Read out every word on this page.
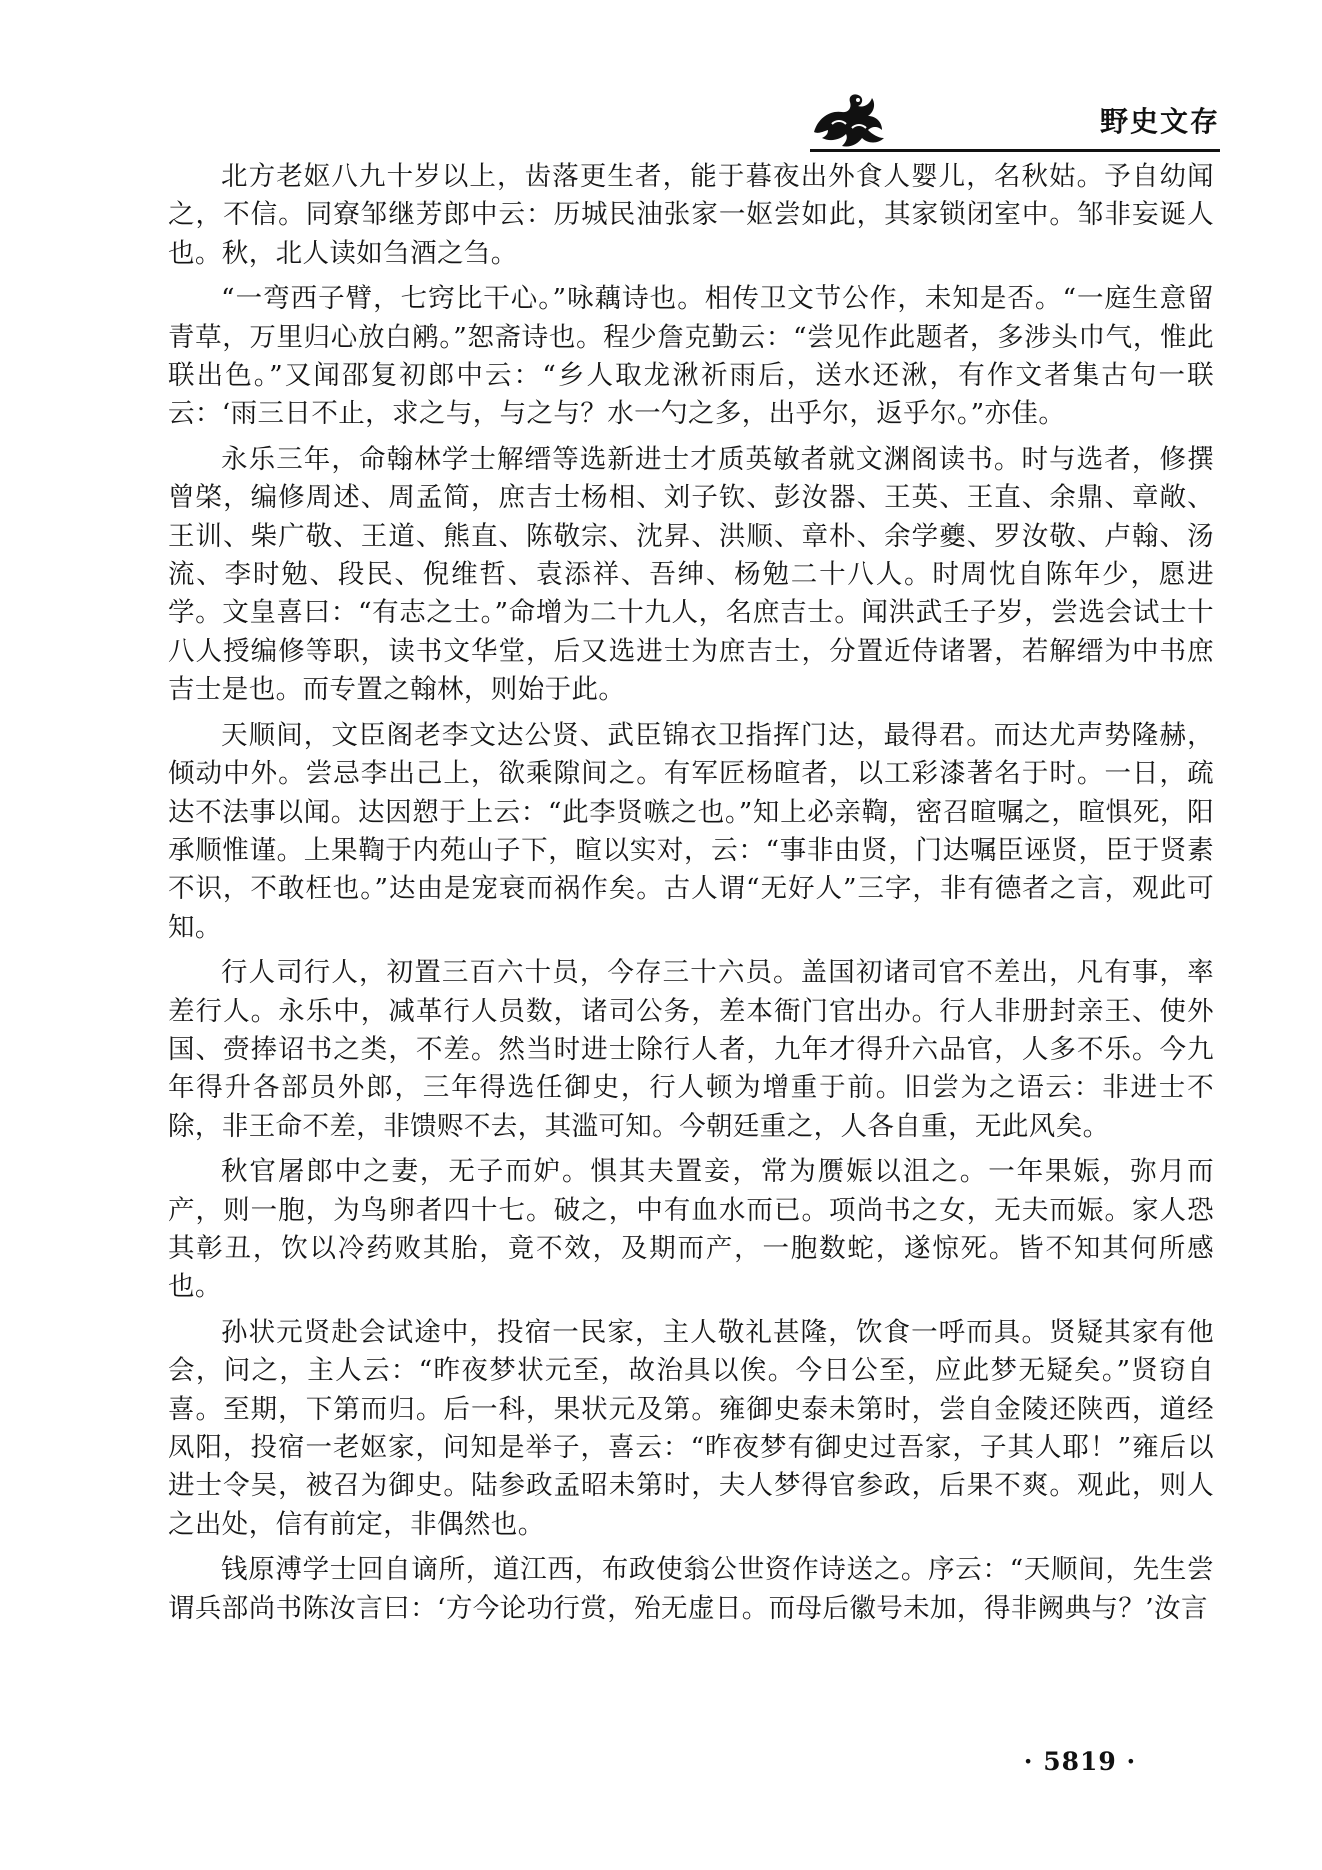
野史文存

北方老妪八九十岁以上，齿落更生者，能于暮夜出外食人婴儿，名秋姑。予自幼闻之，不信。同寮邹继芳郎中云：历城民油张家一妪尝如此，其家锁闭室中。邹非妄诞人也。秋，北人读如刍酒之刍。

“一弯西子臂，七窍比干心。”咏藕诗也。相传卫文节公作，未知是否。“一庭生意留青草，万里归心放白鹇。”恕斋诗也。程少詹克勤云：“尝见作此题者，多涉头巾气，惟此联出色。”又闻邵复初郎中云：“乡人取龙湫祈雨后，送水还湫，有作文者集古句一联云：‘雨三日不止，求之与，与之与？水一勺之多，出乎尔，返乎尔。”亦佳。

永乐三年，命翰林学士解缙等选新进士才质英敏者就文渊阁读书。时与选者，修撰曾棨，编修周述、周孟简，庶吉士杨相、刘子钦、彭汝器、王英、王直、余鼎、章敞、王训、柴广敬、王道、熊直、陈敬宗、沈昇、洪顺、章朴、余学夔、罗汝敬、卢翰、汤流、李时勉、段民、倪维哲、袁添祥、吾绅、杨勉二十八人。时周忱自陈年少，愿进学。文皇喜曰：“有志之士。”命增为二十九人，名庶吉士。闻洪武壬子岁，尝选会试士十八人授编修等职，读书文华堂，后又选进士为庶吉士，分置近侍诸署，若解缙为中书庶吉士是也。而专置之翰林，则始于此。

天顺间，文臣阁老李文达公贤、武臣锦衣卫指挥门达，最得君。而达尤声势隆赫，倾动中外。尝忌李出己上，欲乘隙间之。有军匠杨暄者，以工彩漆著名于时。一日，疏达不法事以闻。达因愬于上云：“此李贤嗾之也。”知上必亲鞫，密召暄嘱之，暄惧死，阳承顺惟谨。上果鞫于内苑山子下，暄以实对，云：“事非由贤，门达嘱臣诬贤，臣于贤素不识，不敢枉也。”达由是宠衰而祸作矣。古人谓“无好人”三字，非有德者之言，观此可知。

行人司行人，初置三百六十员，今存三十六员。盖国初诸司官不差出，凡有事，率差行人。永乐中，减革行人员数，诸司公务，差本衙门官出办。行人非册封亲王、使外国、赍捧诏书之类，不差。然当时进士除行人者，九年才得升六品官，人多不乐。今九年得升各部员外郎，三年得选任御史，行人顿为增重于前。旧尝为之语云：非进士不除，非王命不差，非馈赆不去，其滥可知。今朝廷重之，人各自重，无此风矣。

秋官屠郎中之妻，无子而妒。惧其夫置妾，常为赝娠以沮之。一年果娠，弥月而产，则一胞，为鸟卵者四十七。破之，中有血水而已。项尚书之女，无夫而娠。家人恐其彰丑，饮以冷药败其胎，竟不效，及期而产，一胞数蛇，遂惊死。皆不知其何所感也。

孙状元贤赴会试途中，投宿一民家，主人敬礼甚隆，饮食一呼而具。贤疑其家有他会，问之，主人云：“昨夜梦状元至，故治具以俟。今日公至，应此梦无疑矣。”贤窃自喜。至期，下第而归。后一科，果状元及第。雍御史泰未第时，尝自金陵还陕西，道经凤阳，投宿一老妪家，问知是举子，喜云：“昨夜梦有御史过吾家，子其人耶！”雍后以进士令吴，被召为御史。陆参政孟昭未第时，夫人梦得官参政，后果不爽。观此，则人之出处，信有前定，非偶然也。

钱原溥学士回自谪所，道江西，布政使翁公世资作诗送之。序云：“天顺间，先生尝谓兵部尚书陈汝言曰：‘方今论功行赏，殆无虚日。而母后徽号未加，得非阙典与？’汝言

· 5819 ·
